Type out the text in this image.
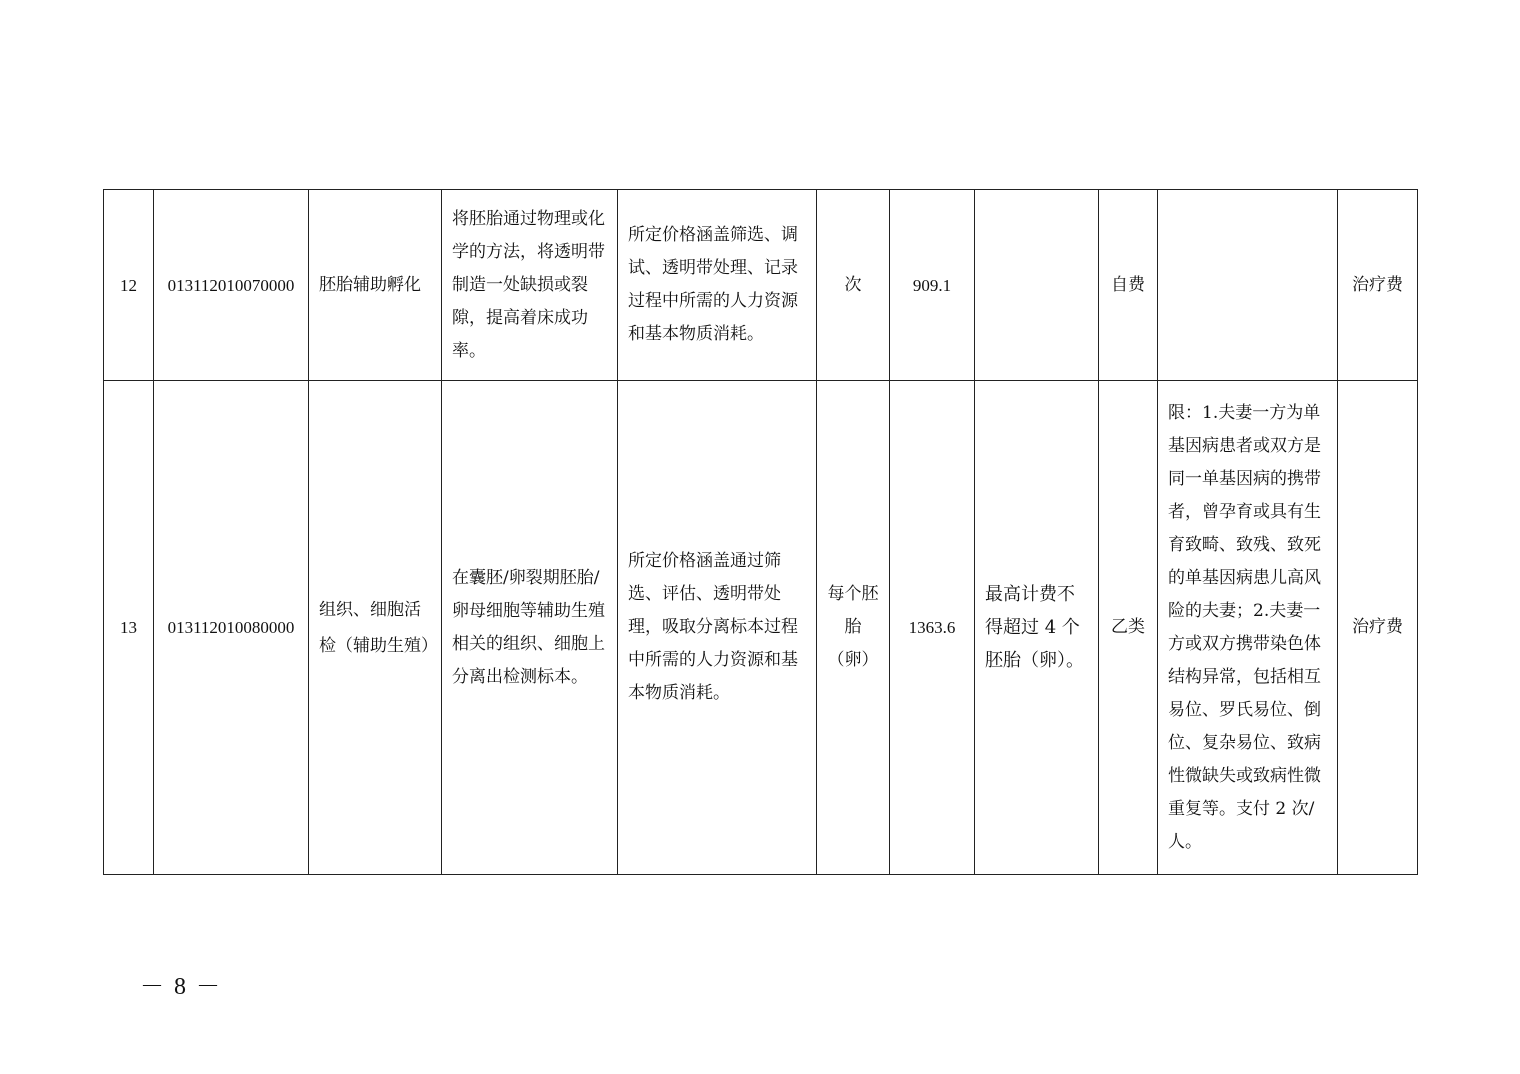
12	013112010070000	胚胎辅助孵化	将胚胎通过物理或化学的方法，将透明带制造一处缺损或裂隙，提高着床成功率。	所定价格涵盖筛选、调试、透明带处理、记录过程中所需的人力资源和基本物质消耗。	次	909.1		自费		治疗费
13	013112010080000	组织、细胞活检（辅助生殖）	在囊胚/卵裂期胚胎/卵母细胞等辅助生殖相关的组织、细胞上分离出检测标本。	所定价格涵盖通过筛选、评估、透明带处理，吸取分离标本过程中所需的人力资源和基本物质消耗。	每个胚胎（卵）	1363.6	最高计费不得超过 4 个胚胎（卵）。	乙类	限：1.夫妻一方为单基因病患者或双方是同一单基因病的携带者，曾孕育或具有生育致畸、致残、致死的单基因病患儿高风险的夫妻；2.夫妻一方或双方携带染色体结构异常，包括相互易位、罗氏易位、倒位、复杂易位、致病性微缺失或致病性微重复等。支付 2 次/人。	治疗费
－ 8 －
